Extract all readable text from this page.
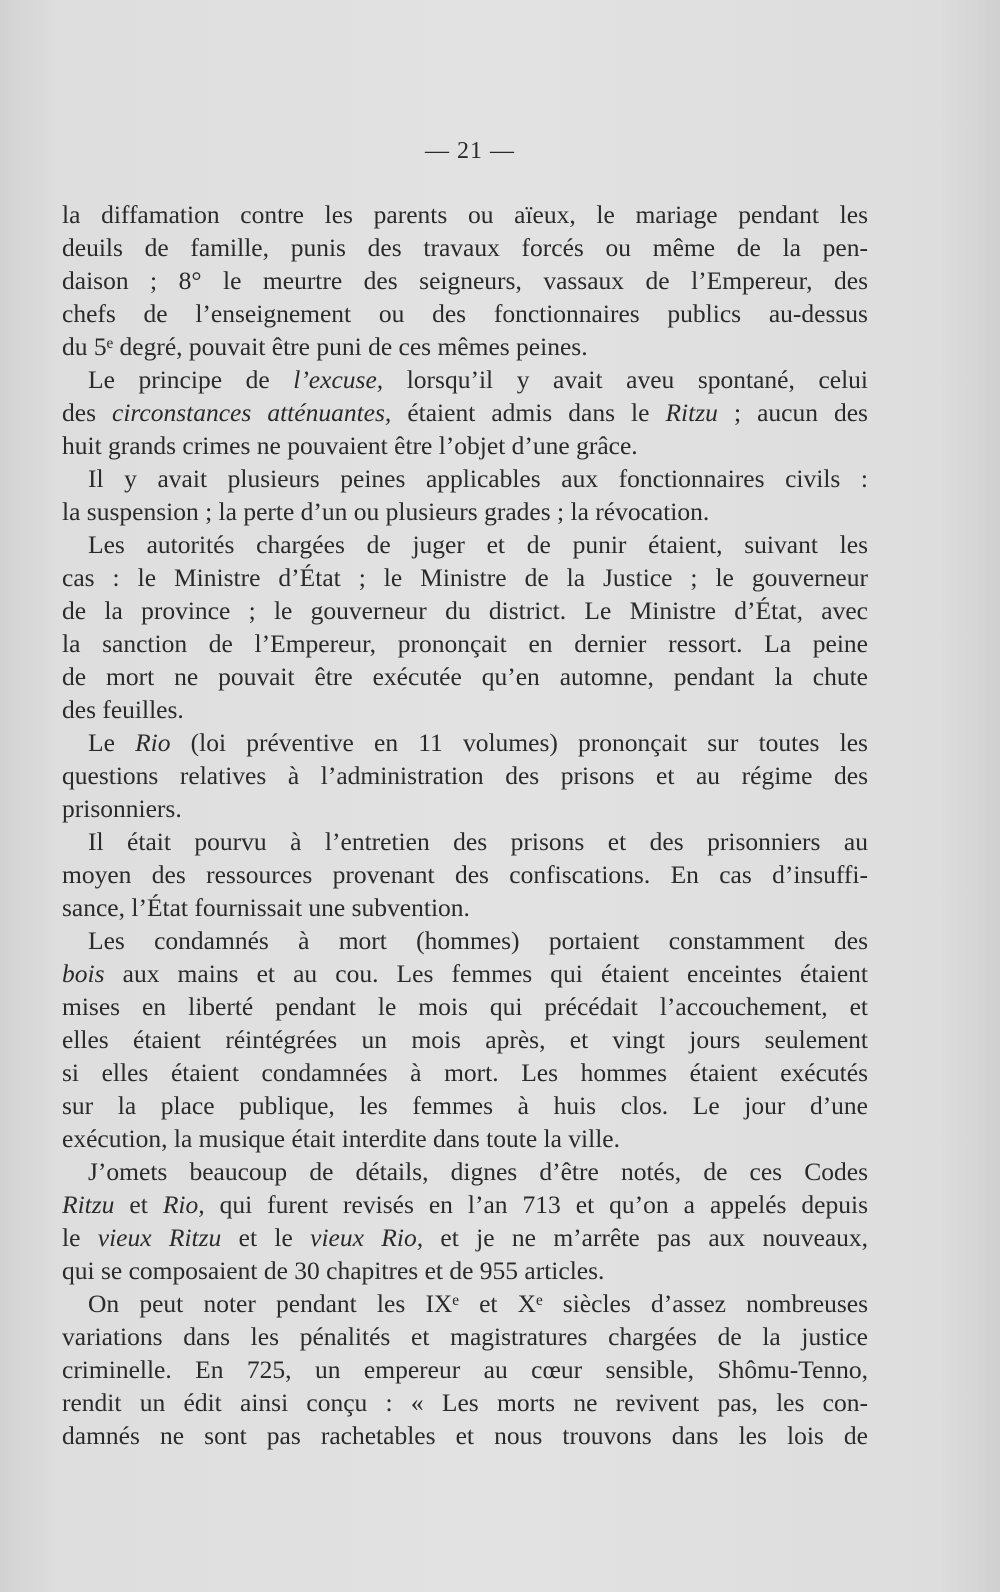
— 21 —
la diffamation contre les parents ou aïeux, le mariage pendant les
deuils de famille, punis des travaux forcés ou même de la pen-
daison ; 8° le meurtre des seigneurs, vassaux de l’Empereur, des
chefs de l’enseignement ou des fonctionnaires publics au-dessus
du 5ᵉ degré, pouvait être puni de ces mêmes peines.
Le principe de l’excuse, lorsqu’il y avait aveu spontané, celui
des circonstances atténuantes, étaient admis dans le Ritzu ; aucun des
huit grands crimes ne pouvaient être l’objet d’une grâce.
Il y avait plusieurs peines applicables aux fonctionnaires civils :
la suspension ; la perte d’un ou plusieurs grades ; la révocation.
Les autorités chargées de juger et de punir étaient, suivant les
cas : le Ministre d’État ; le Ministre de la Justice ; le gouverneur
de la province ; le gouverneur du district. Le Ministre d’État, avec
la sanction de l’Empereur, prononçait en dernier ressort. La peine
de mort ne pouvait être exécutée qu’en automne, pendant la chute
des feuilles.
Le Rio (loi préventive en 11 volumes) prononçait sur toutes les
questions relatives à l’administration des prisons et au régime des
prisonniers.
Il était pourvu à l’entretien des prisons et des prisonniers au
moyen des ressources provenant des confiscations. En cas d’insuffi-
sance, l’État fournissait une subvention.
Les condamnés à mort (hommes) portaient constamment des
bois aux mains et au cou. Les femmes qui étaient enceintes étaient
mises en liberté pendant le mois qui précédait l’accouchement, et
elles étaient réintégrées un mois après, et vingt jours seulement
si elles étaient condamnées à mort. Les hommes étaient exécutés
sur la place publique, les femmes à huis clos. Le jour d’une
exécution, la musique était interdite dans toute la ville.
J’omets beaucoup de détails, dignes d’être notés, de ces Codes
Ritzu et Rio, qui furent revisés en l’an 713 et qu’on a appelés depuis
le vieux Ritzu et le vieux Rio, et je ne m’arrête pas aux nouveaux,
qui se composaient de 30 chapitres et de 955 articles.
On peut noter pendant les IXᵉ et Xᵉ siècles d’assez nombreuses
variations dans les pénalités et magistratures chargées de la justice
criminelle. En 725, un empereur au cœur sensible, Shômu-Tenno,
rendit un édit ainsi conçu : « Les morts ne revivent pas, les con-
damnés ne sont pas rachetables et nous trouvons dans les lois de
